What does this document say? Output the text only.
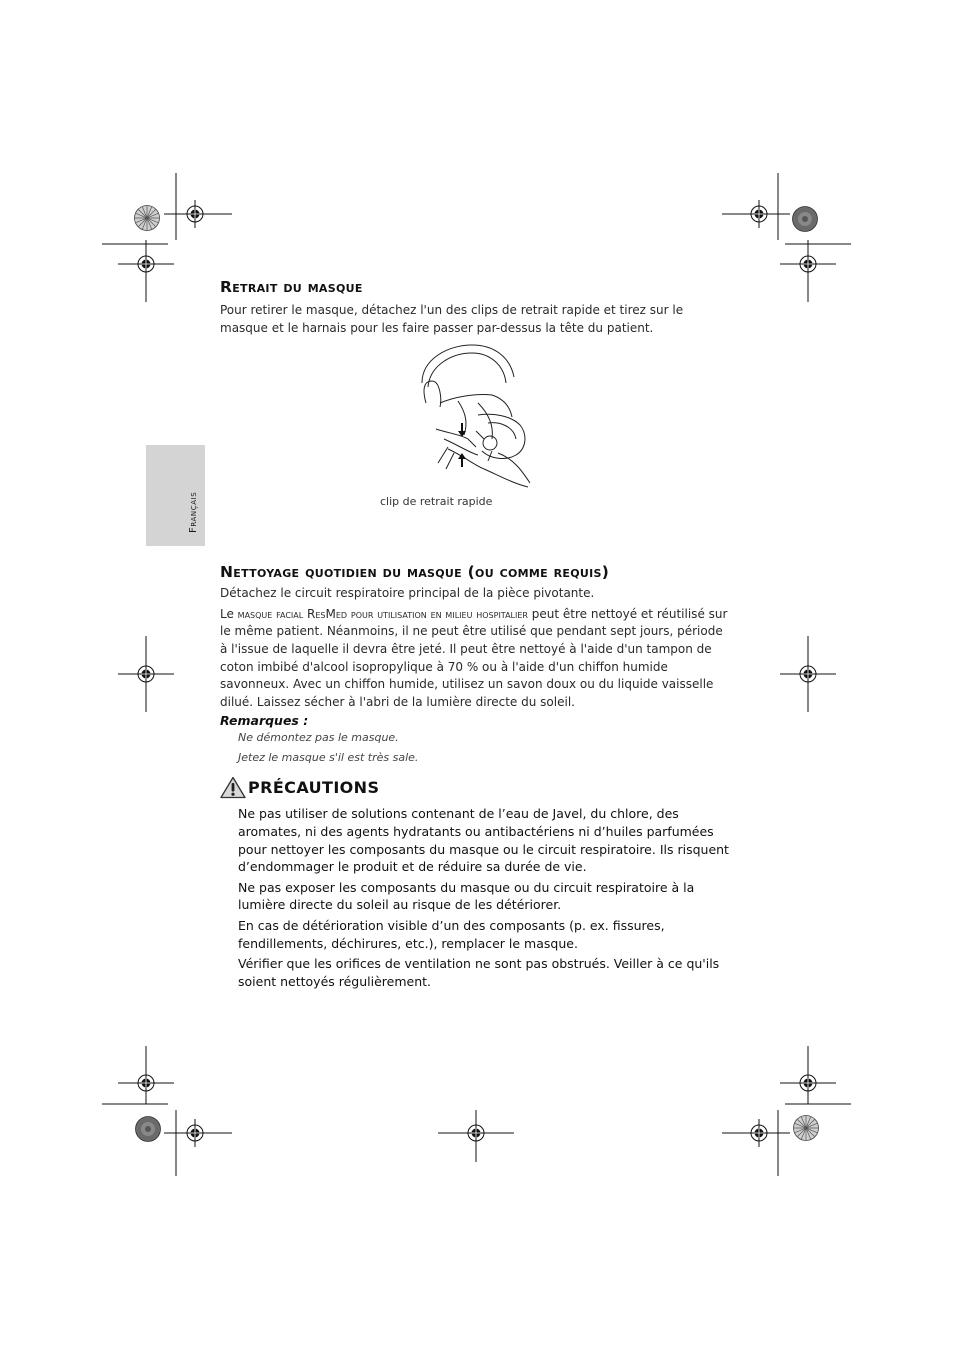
Français
Retrait du masque

Pour retirer le masque, détachez l'un des clips de retrait rapide et tirez sur le masque et le harnais pour les faire passer par-dessus la tête du patient.

clip de retrait rapide
Nettoyage quotidien du masque (ou comme requis)

Détachez le circuit respiratoire principal de la pièce pivotante.

Le masque facial ResMed pour utilisation en milieu hospitalier peut être nettoyé et réutilisé sur le même patient. Néanmoins, il ne peut être utilisé que pendant sept jours, période à l'issue de laquelle il devra être jeté. Il peut être nettoyé à l'aide d'un tampon de coton imbibé d'alcool isopropylique à 70 % ou à l'aide d'un chiffon humide savonneux. Avec un chiffon humide, utilisez un savon doux ou du liquide vaisselle dilué. Laissez sécher à l'abri de la lumière directe du soleil.

Remarques :
Ne démontez pas le masque.
Jetez le masque s'il est très sale.
PRÉCAUTIONS

Ne pas utiliser de solutions contenant de l’eau de Javel, du chlore, des aromates, ni des agents hydratants ou antibactériens ni d’huiles parfumées pour nettoyer les composants du masque ou le circuit respiratoire. Ils risquent d’endommager le produit et de réduire sa durée de vie.

Ne pas exposer les composants du masque ou du circuit respiratoire à la lumière directe du soleil au risque de les détériorer.

En cas de détérioration visible d’un des composants (p. ex. fissures, fendillements, déchirures, etc.), remplacer le masque.

Vérifier que les orifices de ventilation ne sont pas obstrués. Veiller à ce qu'ils soient nettoyés régulièrement.
